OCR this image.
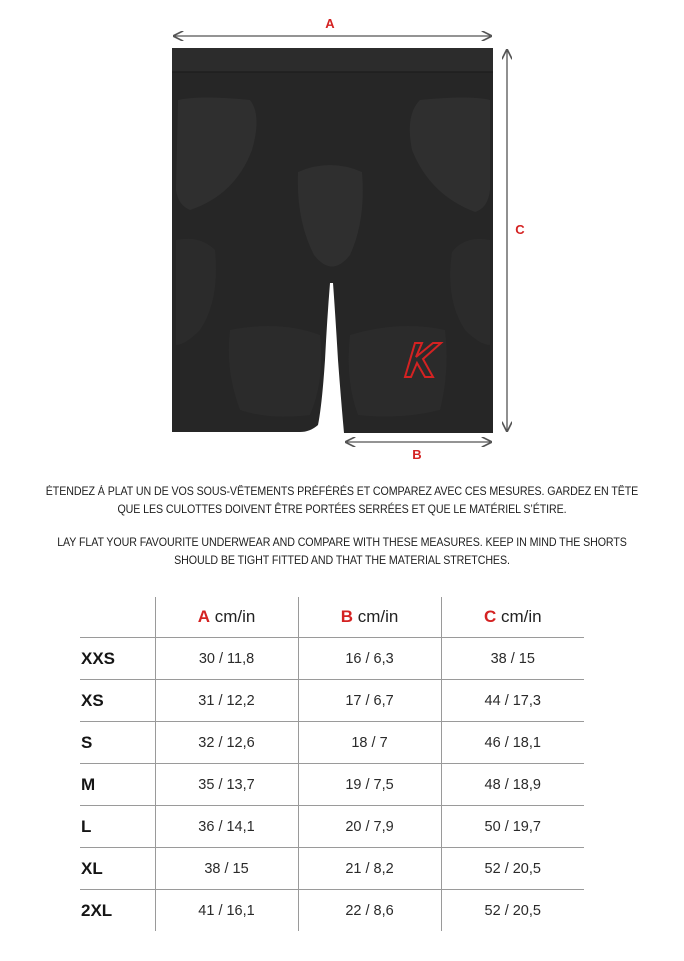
A
C
B

ÉTENDEZ À PLAT UN DE VOS SOUS-VÊTEMENTS PRÉFÉRÉS ET COMPAREZ AVEC CES MESURES. GARDEZ EN TÊTE QUE LES CULOTTES DOIVENT ÊTRE PORTÉES SERRÉES ET QUE LE MATÉRIEL S’ÉTIRE.

LAY FLAT YOUR FAVOURITE UNDERWEAR AND COMPARE WITH THESE MEASURES. KEEP IN MIND THE SHORTS SHOULD BE TIGHT FITTED AND THAT THE MATERIAL STRETCHES.

	A cm/in	B cm/in	C cm/in
XXS	30 / 11,8	16 / 6,3	38 / 15
XS	31 / 12,2	17 / 6,7	44 / 17,3
S	32 / 12,6	18 / 7	46 / 18,1
M	35 / 13,7	19 / 7,5	48 / 18,9
L	36 / 14,1	20 / 7,9	50 / 19,7
XL	38 / 15	21 / 8,2	52 / 20,5
2XL	41 / 16,1	22 / 8,6	52 / 20,5
